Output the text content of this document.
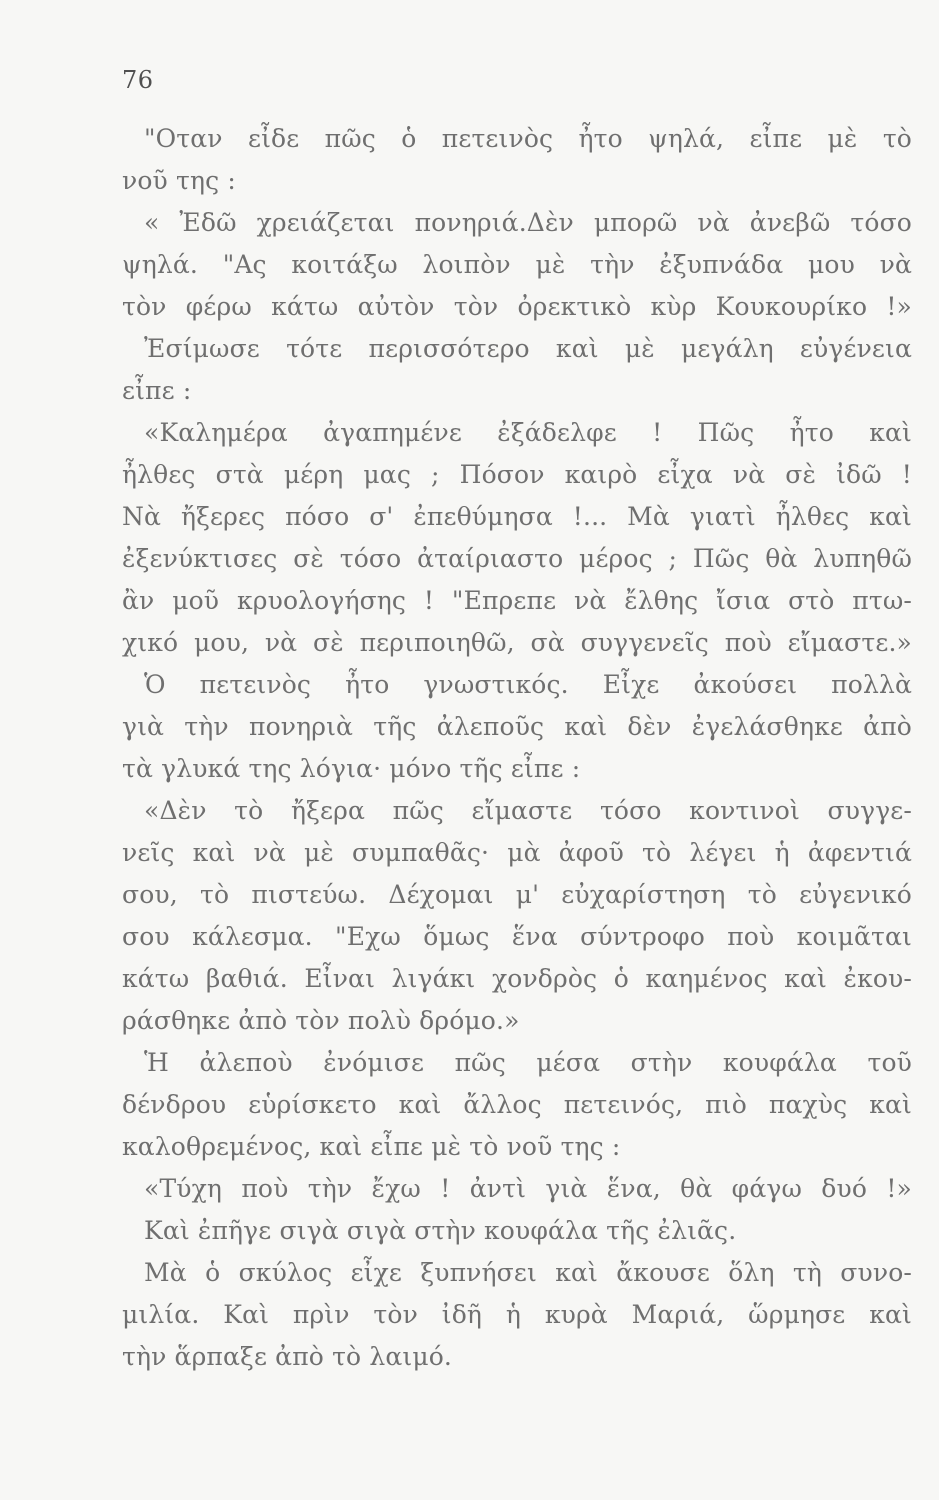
76
"Οταν εἶδε πῶς ὁ πετεινὸς ἦτο ψηλά, εἶπε μὲ τὸ
νοῦ της :
« Ἐδῶ χρειάζεται πονηριά.Δὲν μπορῶ νὰ ἀνεβῶ τόσο
ψηλά. "Ας κοιτάξω λοιπὸν μὲ τὴν ἐξυπνάδα μου νὰ
τὸν φέρω κάτω αὐτὸν τὸν ὀρεκτικὸ κὺρ Κουκουρίκο !»
Ἐσίμωσε τότε περισσότερο καὶ μὲ μεγάλη εὐγένεια
εἶπε :
«Καλημέρα ἀγαπημένε ἐξάδελφε ! Πῶς ἦτο καὶ
ἦλθες στὰ μέρη μας ; Πόσον καιρὸ εἶχα νὰ σὲ ἰδῶ !
Νὰ ἤξερες πόσο σ' ἐπεθύμησα !... Μὰ γιατὶ ἦλθες καὶ
ἐξενύκτισες σὲ τόσο ἀταίριαστο μέρος ; Πῶς θὰ λυπηθῶ
ἂν μοῦ κρυολογήσης ! "Επρεπε νὰ ἔλθης ἴσια στὸ πτω-
χικό μου, νὰ σὲ περιποιηθῶ, σὰ συγγενεῖς ποὺ εἴμαστε.»
Ὁ πετεινὸς ἦτο γνωστικός. Εἶχε ἀκούσει πολλὰ
γιὰ τὴν πονηριὰ τῆς ἀλεποῦς καὶ δὲν ἐγελάσθηκε ἀπὸ
τὰ γλυκά της λόγια· μόνο τῆς εἶπε :
«Δὲν τὸ ἤξερα πῶς εἴμαστε τόσο κοντινοὶ συγγε-
νεῖς καὶ νὰ μὲ συμπαθᾶς· μὰ ἀφοῦ τὸ λέγει ἡ ἀφεντιά
σου, τὸ πιστεύω. Δέχομαι μ' εὐχαρίστηση τὸ εὐγενικό
σου κάλεσμα. "Εχω ὅμως ἕνα σύντροφο ποὺ κοιμᾶται
κάτω βαθιά. Εἶναι λιγάκι χονδρὸς ὁ καημένος καὶ ἐκου-
ράσθηκε ἀπὸ τὸν πολὺ δρόμο.»
Ἡ ἀλεποὺ ἐνόμισε πῶς μέσα στὴν κουφάλα τοῦ
δένδρου εὑρίσκετο καὶ ἄλλος πετεινός, πιὸ παχὺς καὶ
καλοθρεμένος, καὶ εἶπε μὲ τὸ νοῦ της :
«Τύχη ποὺ τὴν ἔχω ! ἀντὶ γιὰ ἕνα, θὰ φάγω δυό !»
Καὶ ἐπῆγε σιγὰ σιγὰ στὴν κουφάλα τῆς ἐλιᾶς.
Μὰ ὁ σκύλος εἶχε ξυπνήσει καὶ ἄκουσε ὅλη τὴ συνο-
μιλία. Καὶ πρὶν τὸν ἰδῆ ἡ κυρὰ Μαριά, ὥρμησε καὶ
τὴν ἅρπαξε ἀπὸ τὸ λαιμό.
